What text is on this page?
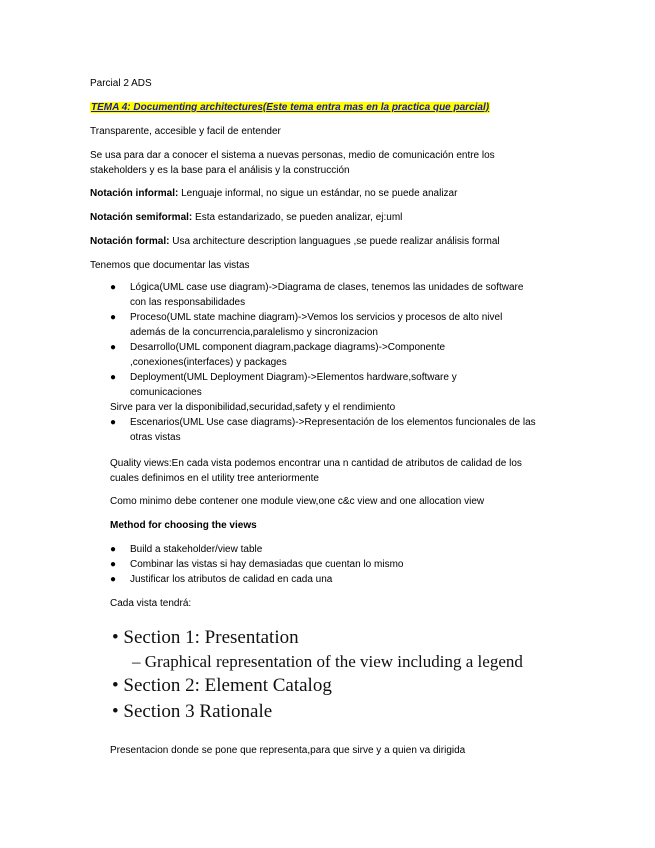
Parcial 2 ADS

TEMA 4: Documenting architectures(Este tema entra mas en la practica que parcial)

Transparente, accesible y facil de entender

Se usa para dar a conocer el sistema a nuevas personas, medio de comunicación entre los

stakeholders y es la base para el análisis y la construcción

Notación informal: Lenguaje informal, no sigue un estándar, no se puede analizar

Notación semiformal: Esta estandarizado, se pueden analizar, ej:uml

Notación formal: Usa architecture description languagues ,se puede realizar análisis formal

Tenemos que documentar las vistas

● Lógica(UML case use diagram)->Diagrama de clases, tenemos las unidades de software
con las responsabilidades
● Proceso(UML state machine diagram)->Vemos los servicios y procesos de alto nivel
además de la concurrencia,paralelismo y sincronizacion
● Desarrollo(UML component diagram,package diagrams)->Componente
,conexiones(interfaces) y packages
● Deployment(UML Deployment Diagram)->Elementos hardware,software y
comunicaciones
Sirve para ver la disponibilidad,securidad,safety y el rendimiento
● Escenarios(UML Use case diagrams)->Representación de los elementos funcionales de las
otras vistas

Quality views:En cada vista podemos encontrar una n cantidad de atributos de calidad de los

cuales definimos en el utility tree anteriormente

Como minimo debe contener one module view,one c&c view and one allocation view

Method for choosing the views

● Build a stakeholder/view table
● Combinar las vistas si hay demasiadas que cuentan lo mismo
● Justificar los atributos de calidad en cada una

Cada vista tendrá:

• Section 1: Presentation
– Graphical representation of the view including a legend
• Section 2: Element Catalog
• Section 3 Rationale

Presentacion donde se pone que representa,para que sirve y a quien va dirigida
